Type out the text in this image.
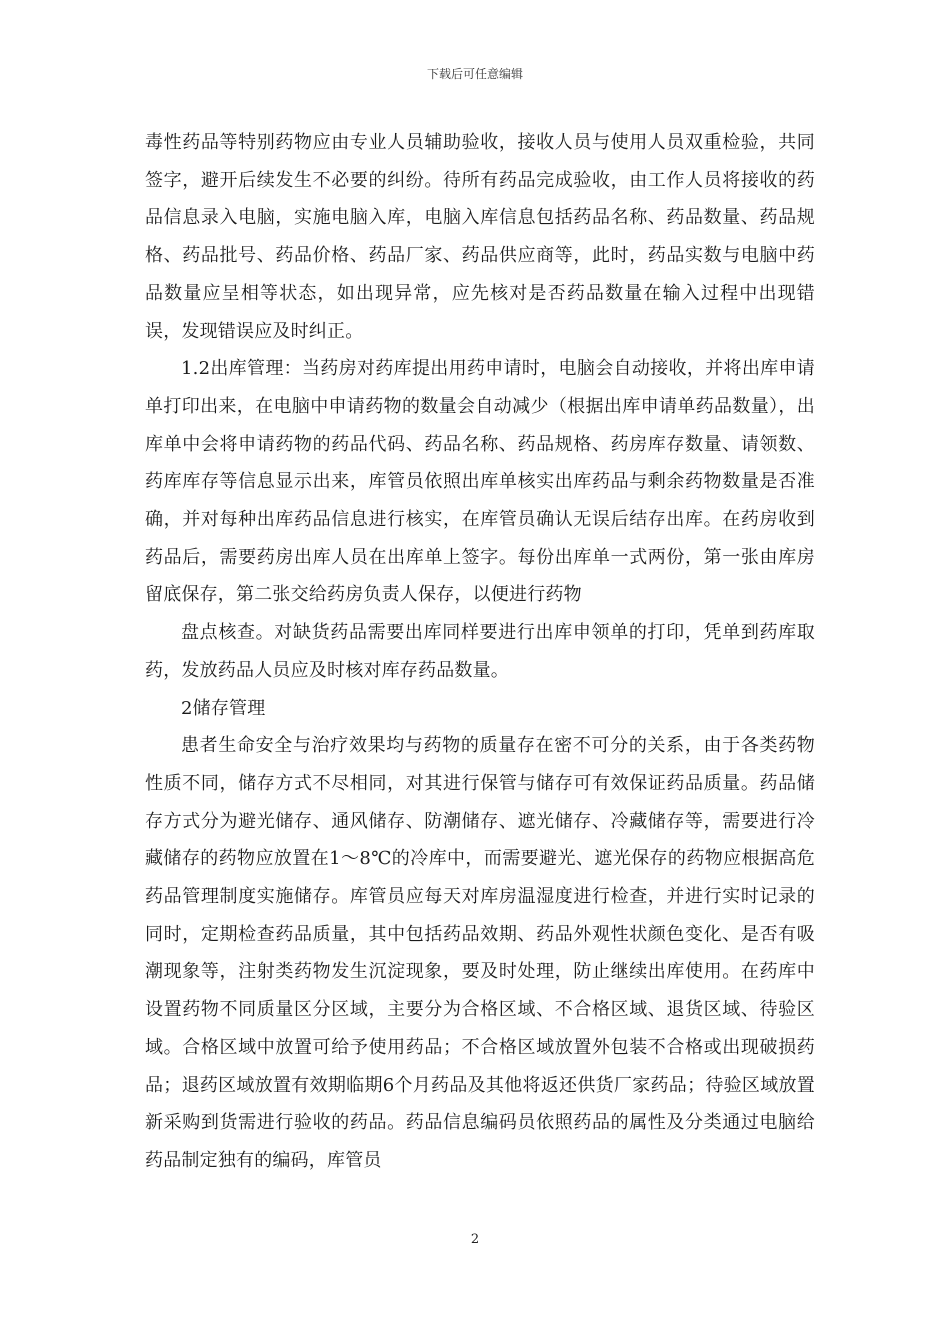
下载后可任意编辑

毒性药品等特别药物应由专业人员辅助验收，接收人员与使用人员双重检验，共同签字，避开后续发生不必要的纠纷。待所有药品完成验收，由工作人员将接收的药品信息录入电脑，实施电脑入库，电脑入库信息包括药品名称、药品数量、药品规格、药品批号、药品价格、药品厂家、药品供应商等，此时，药品实数与电脑中药品数量应呈相等状态，如出现异常，应先核对是否药品数量在输入过程中出现错误，发现错误应及时纠正。

1.2出库管理：当药房对药库提出用药申请时，电脑会自动接收，并将出库申请单打印出来，在电脑中申请药物的数量会自动减少（根据出库申请单药品数量），出库单中会将申请药物的药品代码、药品名称、药品规格、药房库存数量、请领数、药库库存等信息显示出来，库管员依照出库单核实出库药品与剩余药物数量是否准确，并对每种出库药品信息进行核实，在库管员确认无误后结存出库。在药房收到药品后，需要药房出库人员在出库单上签字。每份出库单一式两份，第一张由库房留底保存，第二张交给药房负责人保存，以便进行药物

盘点核查。对缺货药品需要出库同样要进行出库申领单的打印，凭单到药库取药，发放药品人员应及时核对库存药品数量。

2储存管理

患者生命安全与治疗效果均与药物的质量存在密不可分的关系，由于各类药物性质不同，储存方式不尽相同，对其进行保管与储存可有效保证药品质量。药品储存方式分为避光储存、通风储存、防潮储存、遮光储存、冷藏储存等，需要进行冷藏储存的药物应放置在1～8℃的冷库中，而需要避光、遮光保存的药物应根据高危药品管理制度实施储存。库管员应每天对库房温湿度进行检查，并进行实时记录的同时，定期检查药品质量，其中包括药品效期、药品外观性状颜色变化、是否有吸潮现象等，注射类药物发生沉淀现象，要及时处理，防止继续出库使用。在药库中设置药物不同质量区分区域，主要分为合格区域、不合格区域、退货区域、待验区域。合格区域中放置可给予使用药品；不合格区域放置外包装不合格或出现破损药品；退药区域放置有效期临期6个月药品及其他将返还供货厂家药品；待验区域放置新采购到货需进行验收的药品。药品信息编码员依照药品的属性及分类通过电脑给药品制定独有的编码，库管员

2
